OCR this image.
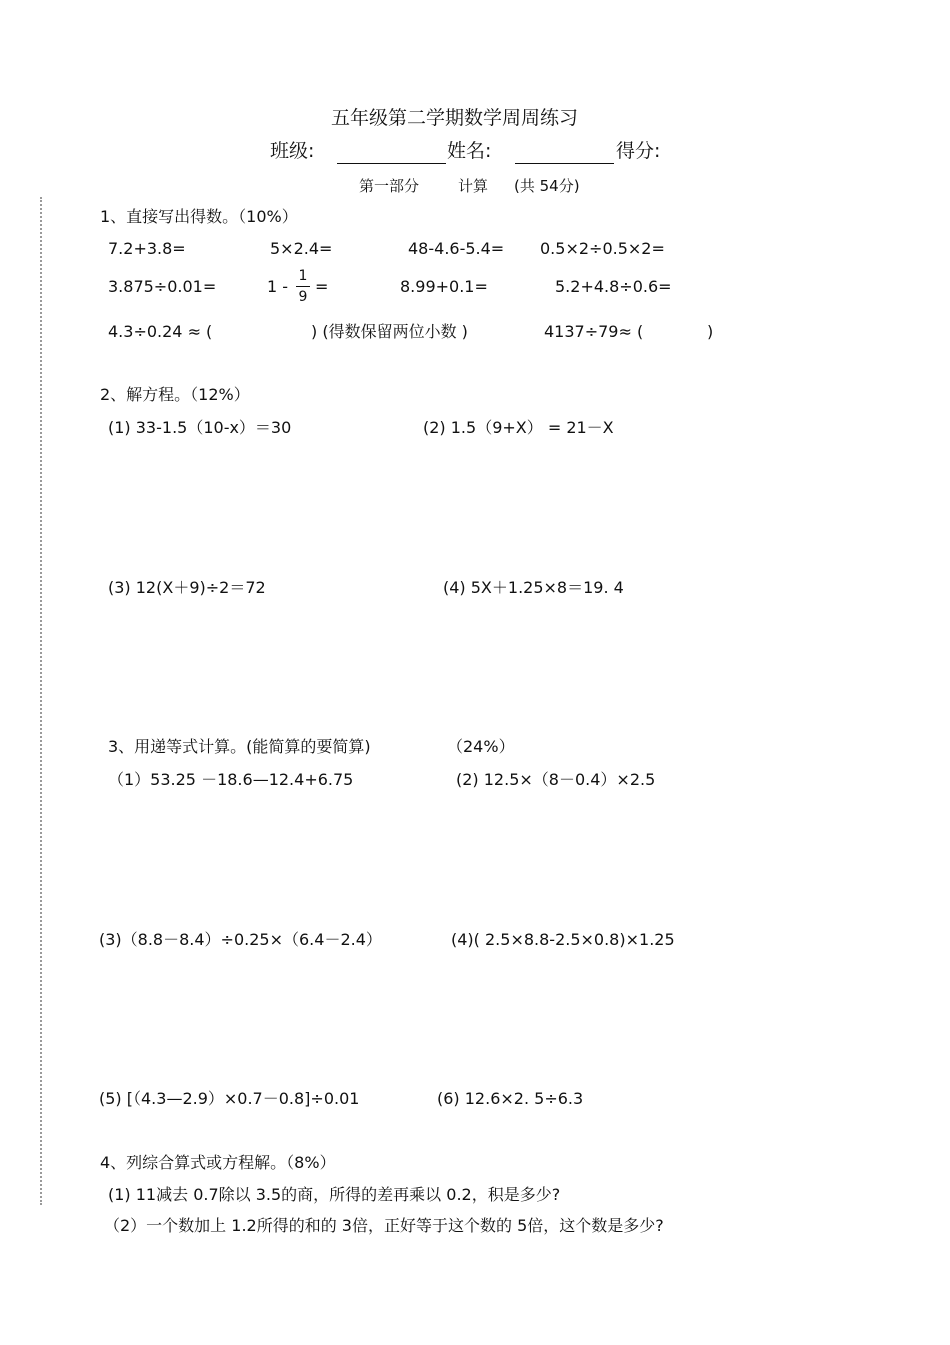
五年级第二学期数学周周练习
班级:	姓名:	得分:
第一部分	计算 (共 54分)
1、直接写出得数。（10%）
7.2+3.8=	5×2.4=	48-4.6-5.4= 0.5×2÷0.5×2=
3.875÷0.01=	1 -
1
9
=	8.99+0.1=	5.2+4.8÷0.6=
4.3÷0.24 ≈ (	) (得数保留两位小数 )	4137÷79≈ (	)
2、解方程。（12%）
(1) 33-1.5（10-x）＝30	(2) 1.5（9+X） = 21－X
(3) 12(X＋9)÷2＝72	(4) 5X＋1.25×8＝19. 4
3、用递等式计算。(能简算的要简算)	（24%）
（1）53.25 －18.6—12.4+6.75	(2) 12.5×（8－0.4）×2.5
(3)（8.8－8.4）÷0.25×（6.4－2.4）	(4)( 2.5×8.8-2.5×0.8)×1.25
(5) [（4.3—2.9）×0.7－0.8]÷0.01	(6) 12.6×2. 5÷6.3
4、列综合算式或方程解。（8%）
(1) 11减去 0.7除以 3.5的商，所得的差再乘以 0.2，积是多少?
（2）一个数加上 1.2所得的和的 3倍，正好等于这个数的 5倍，这个数是多少?
